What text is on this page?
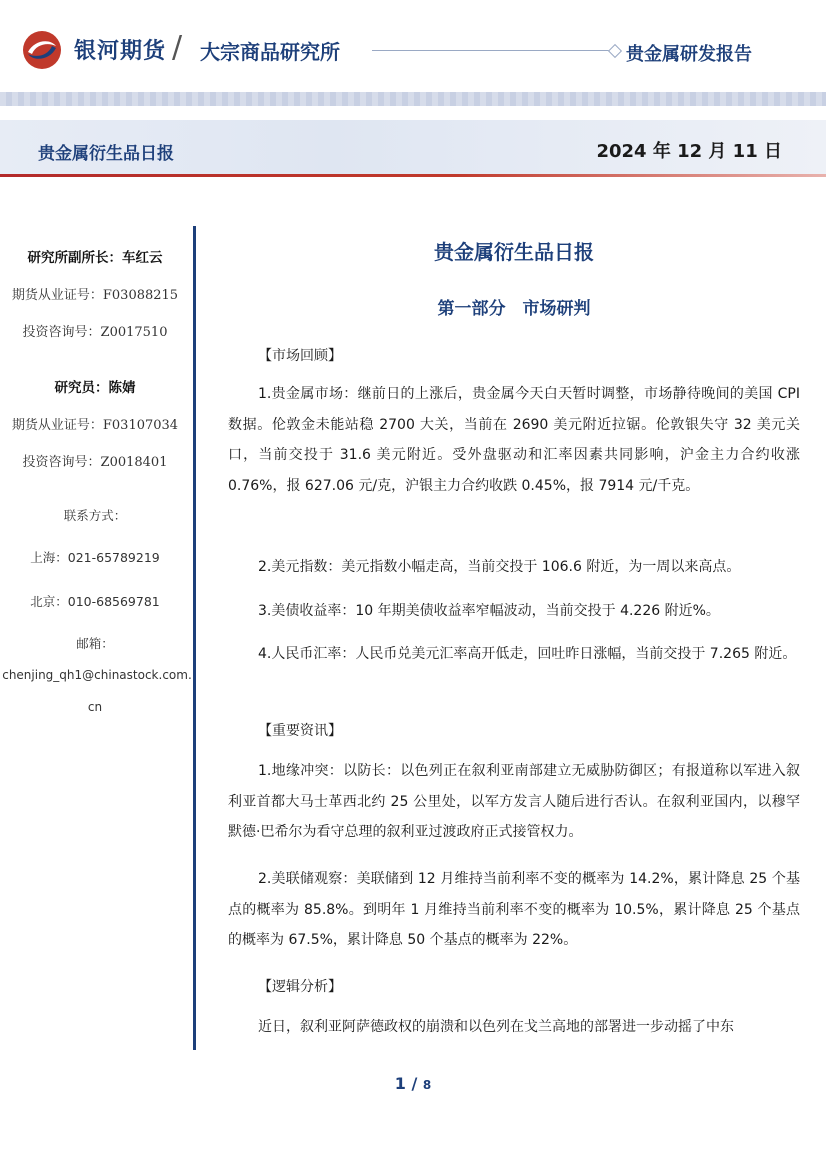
银河期货 / 大宗商品研究所	贵金属研发报告
贵金属衍生品日报	2024 年 12 月 11 日
研究所副所长：车红云
期货从业证号：F03088215
投资咨询号：Z0017510
研究员：陈婧
期货从业证号：F03107034
投资咨询号：Z0018401
联系方式：
上海：021-65789219
北京：010-68569781
邮箱：
chenjing_qh1@chinastock.com.
cn
贵金属衍生品日报
第一部分　市场研判
【市场回顾】
1.贵金属市场：继前日的上涨后，贵金属今天白天暂时调整，市场静待晚间的美国 CPI 数据。伦敦金未能站稳 2700 大关，当前在 2690 美元附近拉锯。伦敦银失守 32 美元关口，当前交投于 31.6 美元附近。受外盘驱动和汇率因素共同影响，沪金主力合约收涨 0.76%，报 627.06 元/克，沪银主力合约收跌 0.45%，报 7914 元/千克。
2.美元指数：美元指数小幅走高，当前交投于 106.6 附近，为一周以来高点。
3.美债收益率：10 年期美债收益率窄幅波动，当前交投于 4.226 附近%。
4.人民币汇率：人民币兑美元汇率高开低走，回吐昨日涨幅，当前交投于 7.265 附近。
【重要资讯】
1.地缘冲突：以防长：以色列正在叙利亚南部建立无威胁防御区；有报道称以军进入叙利亚首都大马士革西北约 25 公里处，以军方发言人随后进行否认。在叙利亚国内，以穆罕默德·巴希尔为看守总理的叙利亚过渡政府正式接管权力。
2.美联储观察：美联储到 12 月维持当前利率不变的概率为 14.2%，累计降息 25 个基点的概率为 85.8%。到明年 1 月维持当前利率不变的概率为 10.5%，累计降息 25 个基点的概率为 67.5%，累计降息 50 个基点的概率为 22%。
【逻辑分析】
近日，叙利亚阿萨德政权的崩溃和以色列在戈兰高地的部署进一步动摇了中东
1 / 8
